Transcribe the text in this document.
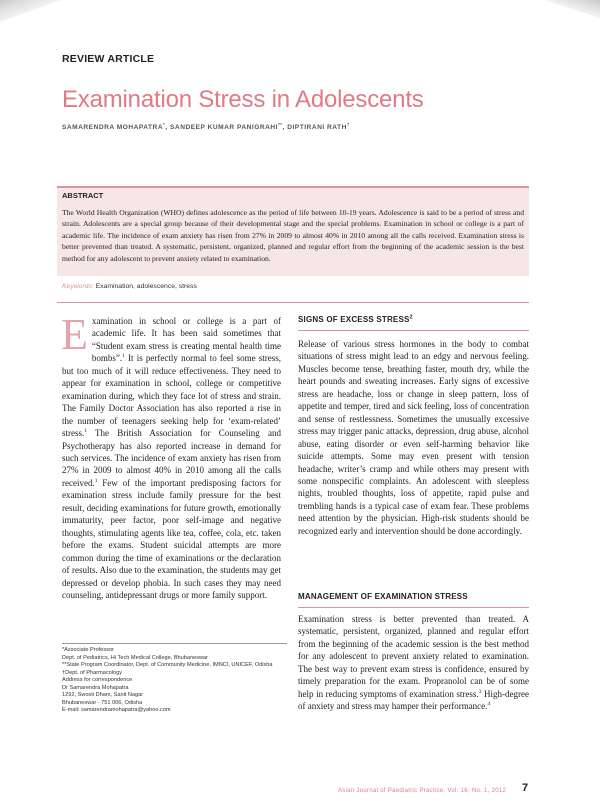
REVIEW ARTICLE
Examination Stress in Adolescents
SAMARENDRA MOHAPATRA*, SANDEEP KUMAR PANIGRAHI**, DIPTIRANI RATH†
ABSTRACT
The World Health Organization (WHO) defines adolescence as the period of life between 10-19 years. Adolescence is said to be a period of stress and strain. Adolescents are a special group because of their developmental stage and the special problems. Examination in school or college is a part of academic life. The incidence of exam anxiety has risen from 27% in 2009 to almost 40% in 2010 among all the calls received. Examination stress is better prevented than treated. A systematic, persistent, organized, planned and regular effort from the beginning of the academic session is the best method for any adolescent to prevent anxiety related to examination.
Keywords: Examination, adolescence, stress
Examination in school or college is a part of academic life. It has been said sometimes that “Student exam stress is creating mental health time bombs”.$^1$ It is perfectly normal to feel some stress, but too much of it will reduce effectiveness. They need to appear for examination in school, college or competitive examination during, which they face lot of stress and strain. The Family Doctor Association has also reported a rise in the number of teenagers seeking help for ‘exam-related’ stress.$^1$ The British Association for Counseling and Psychotherapy has also reported increase in demand for such services. The incidence of exam anxiety has risen from 27% in 2009 to almost 40% in 2010 among all the calls received.$^1$ Few of the important predisposing factors for examination stress include family pressure for the best result, deciding examinations for future growth, emotionally immaturity, peer factor, poor self-image and negative thoughts, stimulating agents like tea, coffee, cola, etc. taken before the exams. Student suicidal attempts are more common during the time of examinations or the declaration of results. Also due to the examination, the students may get depressed or develop phobia. In such cases they may need counseling, antidepressant drugs or more family support.
*Associate Professor
Dept. of Pediatrics, Hi Tech Medical College, Bhubaneswar
**State Program Coordinator, Dept. of Community Medicine, IMNCI, UNICEF, Odisha
†Dept. of Pharmacology
Address for correspondence
Dr Samarendra Mohapatra
1292, Swosti Dham, Sanit Nagar
Bhubaneswar - 751 006, Odisha
E-mail: samarendramohapatra@yahoo.com
SIGNS OF EXCESS STRESS$^2$
Release of various stress hormones in the body to combat situations of stress might lead to an edgy and nervous feeling. Muscles become tense, breathing faster, mouth dry, while the heart pounds and sweating increases. Early signs of excessive stress are headache, loss or change in sleep pattern, loss of appetite and temper, tired and sick feeling, loss of concentration and sense of restlessness. Sometimes the unusually excessive stress may trigger panic attacks, depression, drug abuse, alcohol abuse, eating disorder or even self-harming behavior like suicide attempts. Some may even present with tension headache, writer’s cramp and while others may present with some nonspecific complaints. An adolescent with sleepless nights, troubled thoughts, loss of appetite, rapid pulse and trembling hands is a typical case of exam fear. These problems need attention by the physician. High-risk students should be recognized early and intervention should be done accordingly.
MANAGEMENT OF EXAMINATION STRESS
Examination stress is better prevented than treated. A systematic, persistent, organized, planned and regular effort from the beginning of the academic session is the best method for any adolescent to prevent anxiety related to examination. The best way to prevent exam stress is confidence, ensured by timely preparation for the exam. Propranolol can be of some help in reducing symptoms of examination stress.$^3$ High-degree of anxiety and stress may hamper their performance.$^4$
Asian Journal of Paediatric Practice, Vol. 16, No. 1, 2012 7
